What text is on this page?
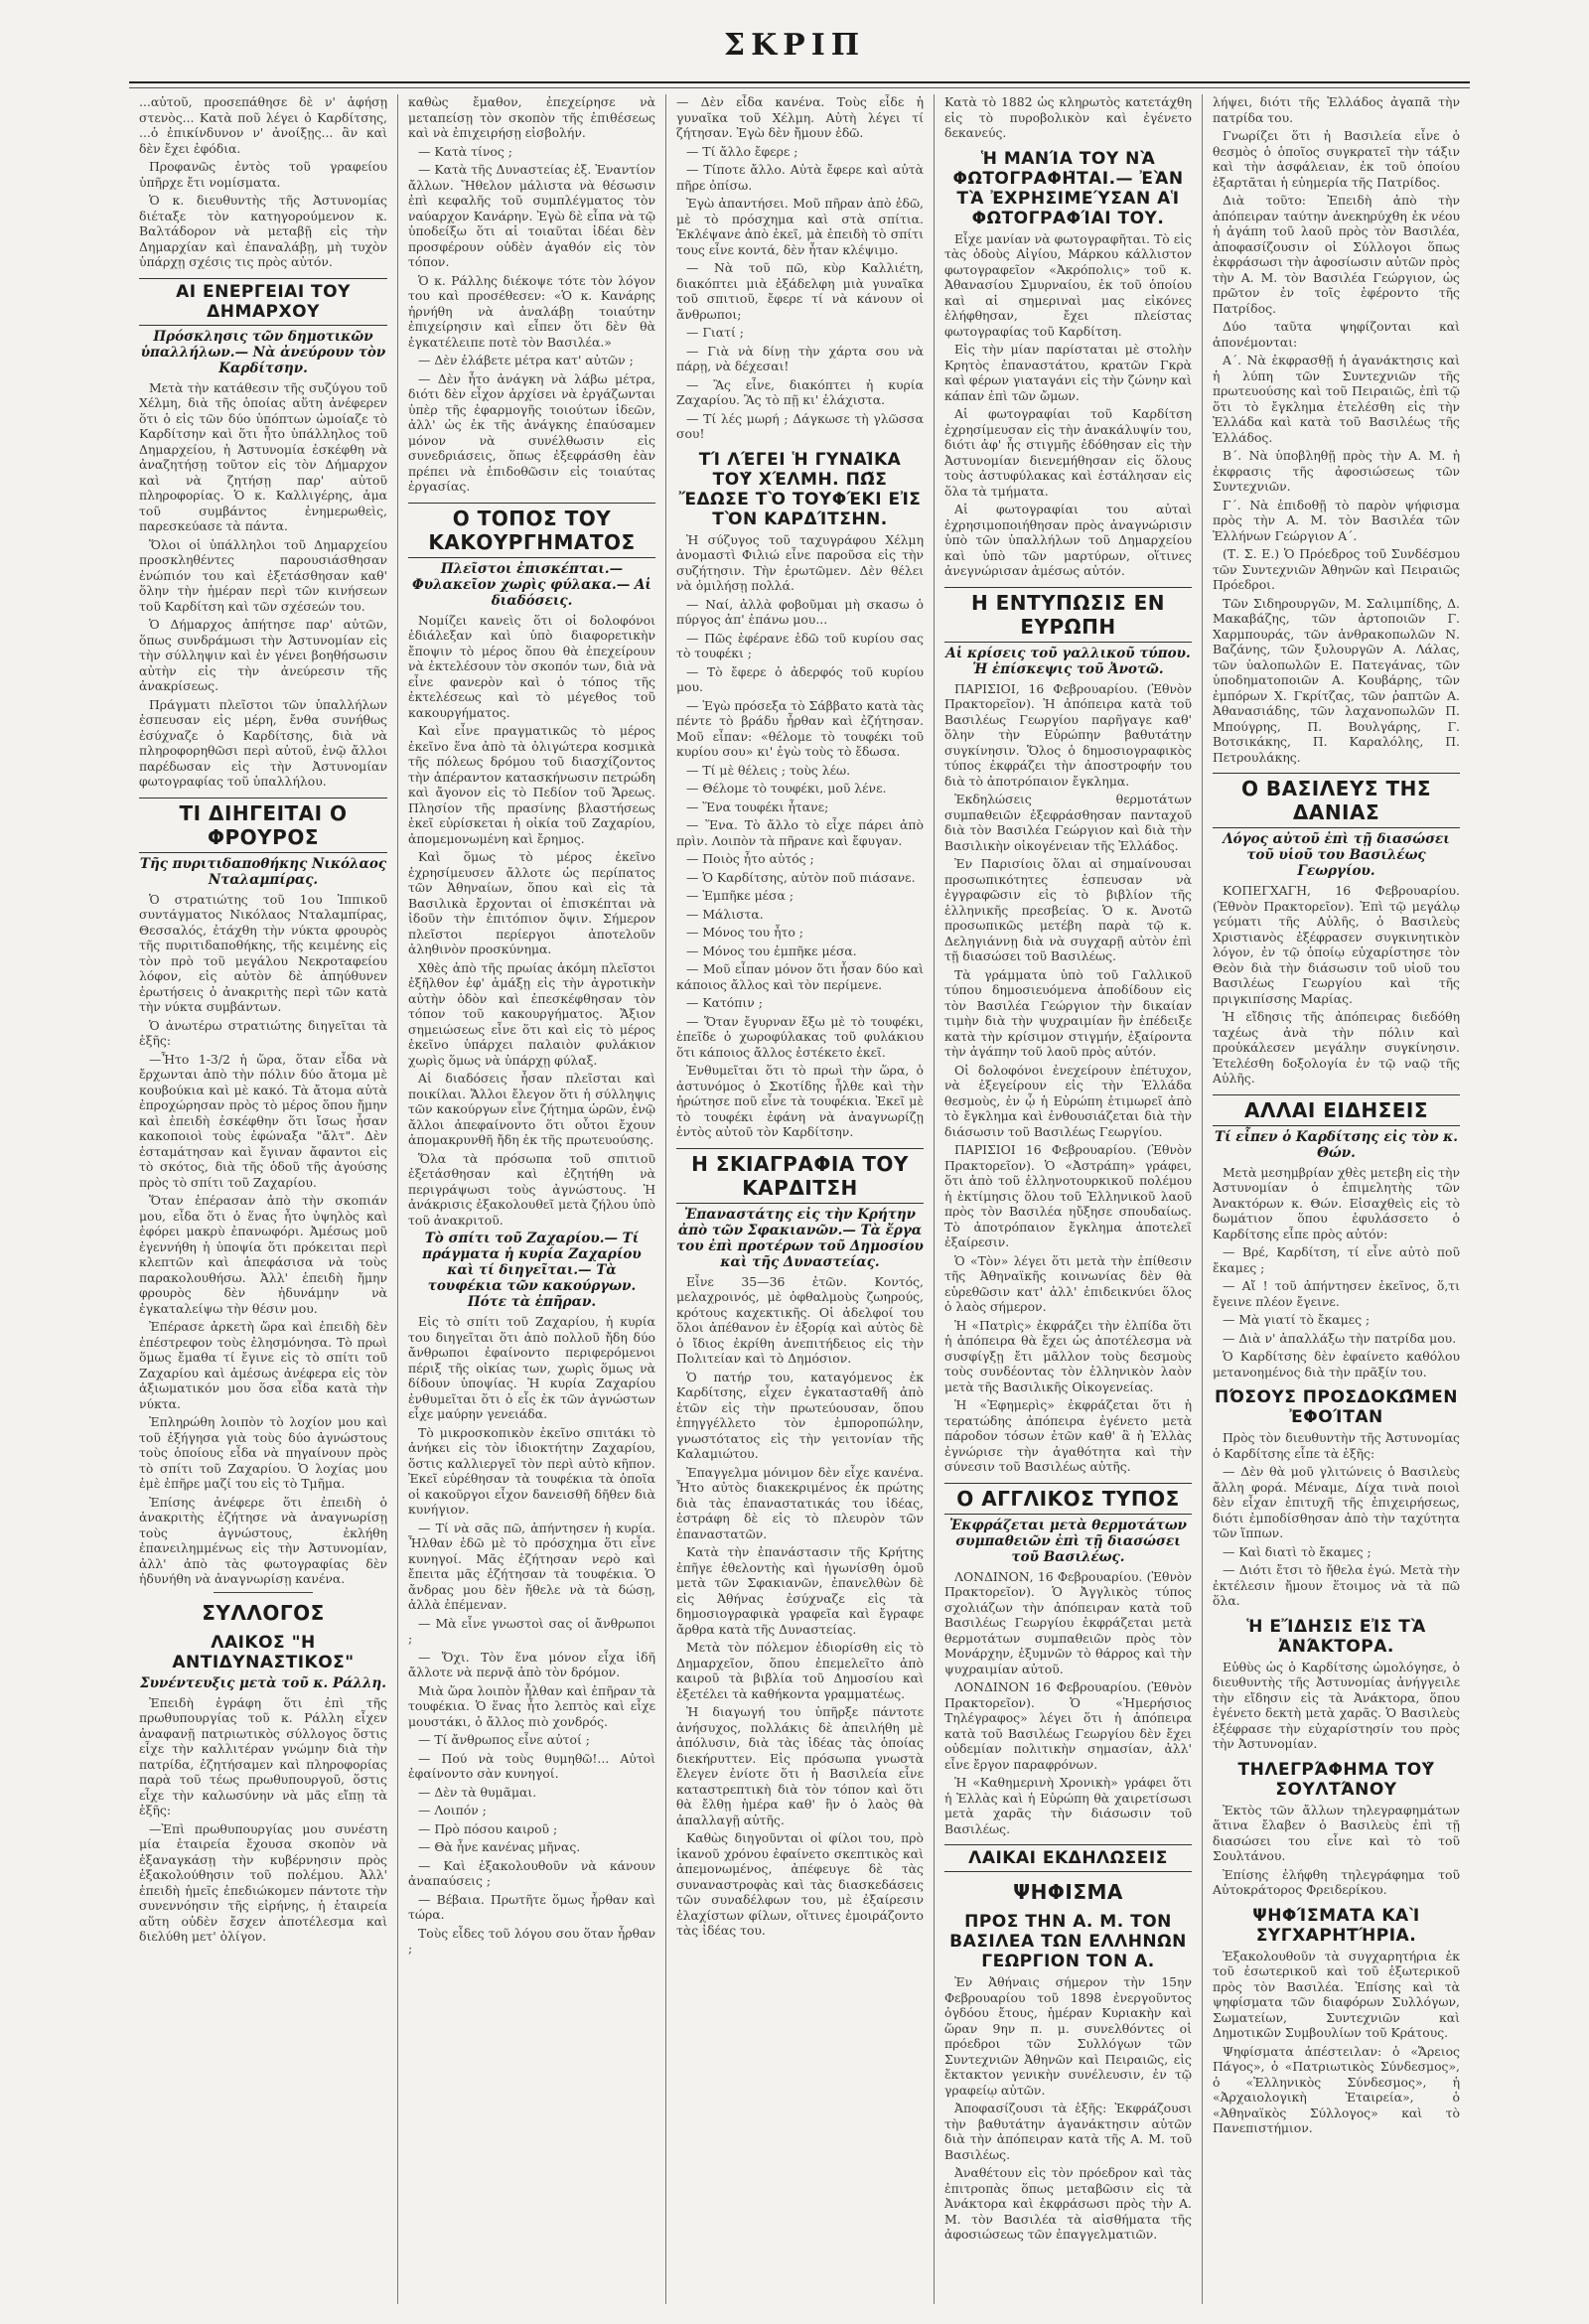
ΣΚΡΙΠ

...αὐτοῦ, προσεπάθησε δὲ ν' ἀφήσῃ στενὸς... Κατὰ ποῦ λέγει ὁ Καρδίτσης, ...ὁ ἐπικίνδυνον ν' ἀνοίξῃς... ἂν καὶ δὲν ἔχει ἐφόδια.

Προφανῶς ἐντὸς τοῦ γραφείου ὑπῆρχε ἔτι νομίσματα.

Ὁ κ. διευθυντὴς τῆς Ἀστυνομίας διέταξε τὸν κατηγορούμενον κ. Βαλτάδορον νὰ μεταβῇ εἰς τὴν Δημαρχίαν καὶ ἐπαναλάβῃ, μὴ τυχὸν ὑπάρχῃ σχέσις τις πρὸς αὐτόν.

ΑΙ ΕΝΕΡΓΕΙΑΙ ΤΟΥ ΔΗΜΑΡΧΟΥ
Πρόσκλησις τῶν δημοτικῶν ὑπαλλήλων.— Νὰ ἀνεύρουν τὸν Καρδίτσην.

Μετὰ τὴν κατάθεσιν τῆς συζύγου τοῦ Χέλμη, διὰ τῆς ὁποίας αὕτη ἀνέφερεν ὅτι ὁ εἰς τῶν δύο ὑπόπτων ὡμοίαζε τὸ Καρδίτσην καὶ ὅτι ἦτο ὑπάλληλος τοῦ Δημαρχείου, ἡ Ἀστυνομία ἐσκέφθη νὰ ἀναζητήσῃ τοῦτον εἰς τὸν Δήμαρχον καὶ νὰ ζητήσῃ παρ' αὐτοῦ πληροφορίας. Ὁ κ. Καλλιγέρης, ἀμα τοῦ συμβάντος ἐνημερωθεὶς, παρεσκεύασε τὰ πάντα.

Ὅλοι οἱ ὑπάλληλοι τοῦ Δημαρχείου προσκληθέντες παρουσιάσθησαν ἐνώπιόν του καὶ ἐξετάσθησαν καθ' ὅλην τὴν ἡμέραν περὶ τῶν κινήσεων τοῦ Καρδίτση καὶ τῶν σχέσεών του.

Ὁ Δήμαρχος ἀπήτησε παρ' αὐτῶν, ὅπως συνδράμωσι τὴν Ἀστυνομίαν εἰς τὴν σύλληψιν καὶ ἐν γένει βοηθήσωσιν αὐτὴν εἰς τὴν ἀνεύρεσιν τῆς ἀνακρίσεως.

Πράγματι πλεῖστοι τῶν ὑπαλλήλων ἐσπευσαν εἰς μέρη, ἔνθα συνήθως ἐσύχναζε ὁ Καρδίτσης, διὰ νὰ πληροφορηθῶσι περὶ αὐτοῦ, ἐνῷ ἄλλοι παρέδωσαν εἰς τὴν Ἀστυνομίαν φωτογραφίας τοῦ ὑπαλλήλου.

ΤΙ ΔΙΗΓΕΙΤΑΙ Ο ΦΡΟΥΡΟΣ
Τῆς πυριτιδαποθήκης Νικόλαος Νταλαμπίρας.

Ὁ στρατιώτης τοῦ 1ου Ἱππικοῦ συντάγματος Νικόλαος Νταλαμπίρας, Θεσσαλός, ἐτάχθη τὴν νύκτα φρουρὸς τῆς πυριτιδαποθήκης, τῆς κειμένης εἰς τὸν πρὸ τοῦ μεγάλου Νεκροταφείου λόφον, εἰς αὐτὸν δὲ ἀπηύθυνεν ἐρωτήσεις ὁ ἀνακριτὴς περὶ τῶν κατὰ τὴν νύκτα συμβάντων.

Ὁ ἀνωτέρω στρατιώτης διηγεῖται τὰ ἑξῆς:

—Ἦτο 1-3/2 ἡ ὥρα, ὅταν εἶδα νὰ ἔρχωνται ἀπὸ τὴν πόλιν δύο ἄτομα μὲ κουβούκια καὶ μὲ κακό. Τὰ ἄτομα αὐτὰ ἐπροχώρησαν πρὸς τὸ μέρος ὅπου ἤμην καὶ ἐπειδὴ ἐσκέφθην ὅτι ἴσως ἦσαν κακοποιοὶ τοὺς ἐφώναξα "ἄλτ". Δὲν ἐσταμάτησαν καὶ ἔγιναν ἄφαντοι εἰς τὸ σκότος, διὰ τῆς ὁδοῦ τῆς ἀγούσης πρὸς τὸ σπίτι τοῦ Ζαχαρίου.

Ὅταν ἐπέρασαν ἀπὸ τὴν σκοπιάν μου, εἶδα ὅτι ὁ ἕνας ἦτο ὑψηλὸς καὶ ἐφόρει μακρὺ ἐπανωφόρι. Ἀμέσως μοῦ ἐγεννήθη ἡ ὑποψία ὅτι πρόκειται περὶ κλεπτῶν καὶ ἀπεφάσισα νὰ τοὺς παρακολουθήσω. Ἀλλ' ἐπειδὴ ἤμην φρουρὸς δὲν ἠδυνάμην νὰ ἐγκαταλείψω τὴν θέσιν μου.

Ἐπέρασε ἀρκετὴ ὥρα καὶ ἐπειδὴ δὲν ἐπέστρεφον τοὺς ἐλησμόνησα. Τὸ πρωὶ ὅμως ἔμαθα τί ἔγινε εἰς τὸ σπίτι τοῦ Ζαχαρίου καὶ ἀμέσως ἀνέφερα εἰς τὸν ἀξιωματικόν μου ὅσα εἶδα κατὰ τὴν νύκτα.

Ἐπληρώθη λοιπὸν τὸ λοχίον μου καὶ τοῦ ἐξήγησα γιὰ τοὺς δύο ἀγνώστους τοὺς ὁποίους εἶδα νὰ πηγαίνουν πρὸς τὸ σπίτι τοῦ Ζαχαρίου. Ὁ λοχίας μου ἐμὲ ἐπῆρε μαζί του εἰς τὸ Τμῆμα.

Ἐπίσης ἀνέφερε ὅτι ἐπειδὴ ὁ ἀνακριτὴς ἐζήτησε νὰ ἀναγνωρίσῃ τοὺς ἀγνώστους, ἐκλήθη ἐπανειλημμένως εἰς τὴν Ἀστυνομίαν, ἀλλ' ἀπὸ τὰς φωτογραφίας δὲν ἠδυνήθη νὰ ἀναγνωρίσῃ κανένα.

ΣΥΛΛΟΓΟΣ
ΛΑΙΚΟΣ "Η ΑΝΤΙΔΥΝΑΣΤΙΚΟΣ"
Συνέντευξις μετὰ τοῦ κ. Ράλλη.

Ἐπειδὴ ἐγράφη ὅτι ἐπὶ τῆς πρωθυπουργίας τοῦ κ. Ράλλη εἶχεν ἀναφανῇ πατριωτικὸς σύλλογος ὅστις εἶχε τὴν καλλιτέραν γνώμην διὰ τὴν πατρίδα, ἐζητήσαμεν καὶ πληροφορίας παρὰ τοῦ τέως πρωθυπουργοῦ, ὅστις εἶχε τὴν καλωσύνην νὰ μᾶς εἴπῃ τὰ ἑξῆς:

—Ἐπὶ πρωθυπουργίας μου συνέστη μία ἑταιρεία ἔχουσα σκοπὸν νὰ ἐξαναγκάσῃ τὴν κυβέρνησιν πρὸς ἐξακολούθησιν τοῦ πολέμου. Ἀλλ' ἐπειδὴ ἡμεῖς ἐπεδιώκομεν πάντοτε τὴν συνεννόησιν τῆς εἰρήνης, ἡ ἑταιρεία αὕτη οὐδὲν ἔσχεν ἀποτέλεσμα καὶ διελύθη μετ' ὀλίγον.

καθὼς ἔμαθον, ἐπεχείρησε νὰ μεταπείσῃ τὸν σκοπὸν τῆς ἐπιθέσεως καὶ νὰ ἐπιχειρήσῃ εἰσβολήν.

— Κατὰ τίνος ;

— Κατὰ τῆς Δυναστείας ἐξ. Ἐναντίον ἄλλων. Ἤθελον μάλιστα νὰ θέσωσιν ἐπὶ κεφαλῆς τοῦ συμπλέγματος τὸν ναύαρχον Κανάρην. Ἐγὼ δὲ εἶπα νὰ τῷ ὑποδείξω ὅτι αἱ τοιαῦται ἰδέαι δὲν προσφέρουν οὐδὲν ἀγαθόν εἰς τὸν τόπον.

Ὁ κ. Ράλλης διέκοψε τότε τὸν λόγον του καὶ προσέθεσεν: «Ὁ κ. Κανάρης ἠρνήθη νὰ ἀναλάβῃ τοιαύτην ἐπιχείρησιν καὶ εἶπεν ὅτι δὲν θὰ ἐγκατέλειπε ποτὲ τὸν Βασιλέα.»

— Δὲν ἐλάβετε μέτρα κατ' αὐτῶν ;

— Δὲν ἦτο ἀνάγκη νὰ λάβω μέτρα, διότι δὲν εἶχον ἀρχίσει νὰ ἐργάζωνται ὑπὲρ τῆς ἐφαρμογῆς τοιούτων ἰδεῶν, ἀλλ' ὡς ἐκ τῆς ἀνάγκης ἐπαύσαμεν μόνον νὰ συνέλθωσιν εἰς συνεδριάσεις, ὅπως ἐξεφράσθη ἐὰν πρέπει νὰ ἐπιδοθῶσιν εἰς τοιαύτας ἐργασίας.

Ο ΤΟΠΟΣ ΤΟΥ ΚΑΚΟΥΡΓΗΜΑΤΟΣ
Πλεῖστοι ἐπισκέπται.— Φυλακεῖον χωρὶς φύλακα.— Αἱ διαδόσεις.

Νομίζει κανεὶς ὅτι οἱ δολοφόνοι ἐδιάλεξαν καὶ ὑπὸ διαφορετικὴν ἔποψιν τὸ μέρος ὅπου θὰ ἐπεχείρουν νὰ ἐκτελέσουν τὸν σκοπόν των, διὰ νὰ εἶνε φανερὸν καὶ ὁ τόπος τῆς ἐκτελέσεως καὶ τὸ μέγεθος τοῦ κακουργήματος.

Καὶ εἶνε πραγματικῶς τὸ μέρος ἐκεῖνο ἕνα ἀπὸ τὰ ὀλιγώτερα κοσμικὰ τῆς πόλεως δρόμου τοῦ διασχίζοντος τὴν ἀπέραντον κατασκήνωσιν πετρώδη καὶ ἄγονον εἰς τὸ Πεδίον τοῦ Ἄρεως. Πλησίον τῆς πρασίνης βλαστήσεως ἐκεῖ εὑρίσκεται ἡ οἰκία τοῦ Ζαχαρίου, ἀπομεμονωμένη καὶ ἔρημος.

Καὶ ὅμως τὸ μέρος ἐκεῖνο ἐχρησίμευσεν ἄλλοτε ὡς περίπατος τῶν Ἀθηναίων, ὅπου καὶ εἰς τὰ Βασιλικὰ ἔρχονται οἱ ἐπισκέπται νὰ ἰδοῦν τὴν ἐπιτόπιον ὄψιν. Σήμερον πλεῖστοι περίεργοι ἀποτελοῦν ἀληθινὸν προσκύνημα.

Χθὲς ἀπὸ τῆς πρωίας ἀκόμη πλεῖστοι ἐξῆλθον ἐφ' ἁμάξῃ εἰς τὴν ἀγροτικὴν αὐτὴν ὁδὸν καὶ ἐπεσκέφθησαν τὸν τόπον τοῦ κακουργήματος. Ἄξιον σημειώσεως εἶνε ὅτι καὶ εἰς τὸ μέρος ἐκεῖνο ὑπάρχει παλαιὸν φυλάκιον χωρὶς ὅμως νὰ ὑπάρχῃ φύλαξ.

Αἱ διαδόσεις ἦσαν πλεῖσται καὶ ποικίλαι. Ἄλλοι ἔλεγον ὅτι ἡ σύλληψις τῶν κακούργων εἶνε ζήτημα ὡρῶν, ἐνῷ ἄλλοι ἀπεφαίνοντο ὅτι οὗτοι ἔχουν ἀπομακρυνθῆ ἤδη ἐκ τῆς πρωτευούσης.

Ὅλα τὰ πρόσωπα τοῦ σπιτιοῦ ἐξετάσθησαν καὶ ἐζητήθη νὰ περιγράψωσι τοὺς ἀγνώστους. Ἡ ἀνάκρισις ἐξακολουθεῖ μετὰ ζήλου ὑπὸ τοῦ ἀνακριτοῦ.

Τὸ σπίτι τοῦ Ζαχαρίου.— Τί πράγματα ἡ κυρία Ζαχαρίου καὶ τί διηγεῖται.— Τὰ τουφέκια τῶν κακούργων. Πότε τὰ ἐπῆραν.

Εἰς τὸ σπίτι τοῦ Ζαχαρίου, ἡ κυρία του διηγεῖται ὅτι ἀπὸ πολλοῦ ἤδη δύο ἄνθρωποι ἐφαίνοντο περιφερόμενοι πέριξ τῆς οἰκίας των, χωρὶς ὅμως νὰ δίδουν ὑποψίας. Ἡ κυρία Ζαχαρίου ἐνθυμεῖται ὅτι ὁ εἷς ἐκ τῶν ἀγνώστων εἶχε μαύρην γενειάδα.

Τὸ μικροσκοπικὸν ἐκεῖνο σπιτάκι τὸ ἀνήκει εἰς τὸν ἰδιοκτήτην Ζαχαρίου, ὅστις καλλιεργεῖ τὸν περὶ αὐτὸ κῆπον. Ἐκεῖ εὑρέθησαν τὰ τουφέκια τὰ ὁποῖα οἱ κακοῦργοι εἶχον δανεισθῆ δῆθεν διὰ κυνήγιον.

— Τί νὰ σᾶς πῶ, ἀπήντησεν ἡ κυρία. Ἦλθαν ἐδῶ μὲ τὸ πρόσχημα ὅτι εἶνε κυνηγοί. Μᾶς ἐζήτησαν νερὸ καὶ ἔπειτα μᾶς ἐζήτησαν τὰ τουφέκια. Ὁ ἄνδρας μου δὲν ἤθελε νὰ τὰ δώσῃ, ἀλλὰ ἐπέμεναν.

— Μὰ εἶνε γνωστοὶ σας οἱ ἄνθρωποι ;

— Ὄχι. Τὸν ἕνα μόνον εἶχα ἰδῆ ἄλλοτε νὰ περνᾷ ἀπὸ τὸν δρόμον.

Μιὰ ὥρα λοιπὸν ἦλθαν καὶ ἐπῆραν τὰ τουφέκια. Ὁ ἕνας ἦτο λεπτὸς καὶ εἶχε μουστάκι, ὁ ἄλλος πιὸ χονδρός.

— Τί ἄνθρωπος εἶνε αὐτοί ;

— Πού νὰ τοὺς θυμηθῶ!... Αὐτοὶ ἐφαίνοντο σὰν κυνηγοί.

— Δὲν τὰ θυμᾶμαι.

— Λοιπόν ;

— Πρὸ πόσου καιροῦ ;

— Θὰ ἦνε κανένας μῆνας.

— Καὶ ἐξακολουθοῦν νὰ κάνουν ἀναπαύσεις ;

— Βέβαια. Πρωτῆτε ὅμως ἦρθαν καὶ τώρα.

Τοὺς εἶδες τοῦ λόγου σου ὅταν ἦρθαν ;

— Δὲν εἶδα κανένα. Τοὺς εἶδε ἡ γυναῖκα τοῦ Χέλμη. Αὐτὴ λέγει τί ζήτησαν. Ἐγὼ δὲν ἤμουν ἐδῶ.

— Τί ἄλλο ἔφερε ;

— Τίποτε ἄλλο. Αὐτὰ ἔφερε καὶ αὐτὰ πῆρε ὀπίσω.

Ἐγὼ ἀπαντήσει. Μοῦ πῆραν ἀπὸ ἐδῶ, μὲ τὸ πρόσχημα καὶ στὰ σπίτια. Ἐκλέψανε ἀπὸ ἐκεῖ, μὰ ἐπειδὴ τὸ σπίτι τους εἶνε κοντά, δὲν ἦταν κλέψιμο.

— Νὰ τοῦ πῶ, κὺρ Καλλιέτη, διακόπτει μιὰ ἐξάδελφη μιὰ γυναῖκα τοῦ σπιτιοῦ, ἔφερε τί νὰ κάνουν οἱ ἄνθρωποι;

— Γιατί ;

— Γιὰ νὰ δίνῃ τὴν χάρτα σου νὰ πάρῃ, νὰ δέχεσαι!

— Ἂς εἶνε, διακόπτει ἡ κυρία Ζαχαρίου. Ἂς τὸ πῇ κι' ἐλάχιστα.

— Τί λές μωρή ; Δάγκωσε τὴ γλῶσσα σου!

ΤΊ ΛΈΓΕΙ Ἡ ΓΥΝΑΙ͂ΚΑ ΤΟΥ͂ ΧΈΛΜΗ. ΠΩ͂Σ ἜΔΩΣΕ ΤῸ ΤΟΥΦΈΚΙ ΕἸΣ ΤῸΝ ΚΑΡΔΊΤΣΗΝ.

Ἡ σύζυγος τοῦ ταχυγράφου Χέλμη ἀνομαστὶ Φιλιώ εἶνε παροῦσα εἰς τὴν συζήτησιν. Τὴν ἐρωτῶμεν. Δὲν θέλει νὰ ὁμιλήσῃ πολλά.

— Ναί, ἀλλὰ φοβοῦμαι μὴ σκασω ὁ πύργος ἀπ' ἐπάνω μου...

— Πῶς ἐφέρανε ἐδῶ τοῦ κυρίου σας τὸ τουφέκι ;

— Τὸ ἔφερε ὁ ἀδερφός τοῦ κυρίου μου.

— Ἐγὼ πρόσεξα τὸ Σάββατο κατὰ τὰς πέντε τὸ βράδυ ἦρθαν καὶ ἐζήτησαν. Μοῦ εἶπαν: «θέλομε τὸ τουφέκι τοῦ κυρίου σου» κι' ἐγὼ τοὺς τὸ ἔδωσα.

— Τί μὲ θέλεις ; τοὺς λέω.

— Θέλομε τὸ τουφέκι, μοῦ λένε.

— Ἕνα τουφέκι ἦτανε;

— Ἕνα. Τὸ ἄλλο τὸ εἶχε πάρει ἀπὸ πρὶν. Λοιπὸν τὰ πῆρανε καὶ ἔφυγαν.

— Ποιὸς ἦτο αὐτός ;

— Ὁ Καρδίτσης, αὐτὸν ποῦ πιάσανε.

— Ἐμπῆκε μέσα ;

— Μάλιστα.

— Μόνος του ἦτο ;

— Μόνος του ἐμπῆκε μέσα.

— Μοῦ εἶπαν μόνον ὅτι ἦσαν δύο καὶ κάποιος ἄλλος καὶ τὸν περίμενε.

— Κατόπιν ;

— Ὅταν ἔγυρναν ἔξω μὲ τὸ τουφέκι, ἐπεῖδε ὁ χωροφύλακας τοῦ φυλάκιου ὅτι κάποιος ἄλλος ἐστέκετο ἐκεῖ.

Ἐνθυμεῖται ὅτι τὸ πρωὶ τὴν ὥρα, ὁ ἀστυνόμος ὁ Σκοτίδης ἦλθε καὶ τὴν ἠρώτησε ποῦ εἶνε τὰ τουφέκια. Ἐκεῖ μὲ τὸ τουφέκι ἐφάνη νὰ ἀναγνωρίζῃ ἐντὸς αὐτοῦ τὸν Καρδίτσην.

Η ΣΚΙΑΓΡΑΦΙΑ ΤΟΥ ΚΑΡΔΙΤΣΗ
Ἐπαναστάτης εἰς τὴν Κρήτην ἀπὸ τῶν Σφακιανῶν.— Τὰ ἔργα του ἐπὶ προτέρων τοῦ Δημοσίου καὶ τῆς Δυναστείας.

Εἶνε 35—36 ἐτῶν. Κοντός, μελαχροινός, μὲ ὀφθαλμοὺς ζωηρούς, κρότους καχεκτικῆς. Οἱ ἀδελφοί του ὅλοι ἀπέθανον ἐν ἐξορίᾳ καὶ αὐτὸς δὲ ὁ ἴδιος ἐκρίθη ἀνεπιτήδειος εἰς τὴν Πολιτείαν καὶ τὸ Δημόσιον.

Ὁ πατήρ του, καταγόμενος ἐκ Καρδίτσης, εἶχεν ἐγκατασταθῆ ἀπὸ ἐτῶν εἰς τὴν πρωτεύουσαν, ὅπου ἐπηγγέλλετο τὸν ἐμποροπώλην, γνωστότατος εἰς τὴν γειτονίαν τῆς Καλαμιώτου.

Ἐπαγγελμα μόνιμον δὲν εἶχε κανένα. Ἦτο αὐτὸς διακεκριμένος ἐκ πρώτης διὰ τὰς ἐπαναστατικάς του ἰδέας, ἐστράφη δὲ εἰς τὸ πλευρὸν τῶν ἐπαναστατῶν.

Κατὰ τὴν ἐπανάστασιν τῆς Κρήτης ἐπῆγε ἐθελοντὴς καὶ ἠγωνίσθη ὁμοῦ μετὰ τῶν Σφακιανῶν, ἐπανελθὼν δὲ εἰς Ἀθήνας ἐσύχναζε εἰς τὰ δημοσιογραφικὰ γραφεῖα καὶ ἔγραφε ἄρθρα κατὰ τῆς Δυναστείας.

Μετὰ τὸν πόλεμον ἐδιορίσθη εἰς τὸ Δημαρχεῖον, ὅπου ἐπεμελεῖτο ἀπὸ καιροῦ τὰ βιβλία τοῦ Δημοσίου καὶ ἐξετέλει τὰ καθήκοντα γραμματέως.

Ἡ διαγωγή του ὑπῆρξε πάντοτε ἀνήσυχος, πολλάκις δὲ ἀπειλήθη μὲ ἀπόλυσιν, διὰ τὰς ἰδέας τὰς ὁποίας διεκήρυττεν. Εἰς πρόσωπα γνωστὰ ἔλεγεν ἐνίοτε ὅτι ἡ Βασιλεία εἶνε καταστρεπτικὴ διὰ τὸν τόπον καὶ ὅτι θὰ ἔλθῃ ἡμέρα καθ' ἣν ὁ λαὸς θὰ ἀπαλλαγῇ αὐτῆς.

Καθὼς διηγοῦνται οἱ φίλοι του, πρὸ ἱκανοῦ χρόνου ἐφαίνετο σκεπτικὸς καὶ ἀπεμονωμένος, ἀπέφευγε δὲ τὰς συναναστροφὰς καὶ τὰς διασκεδάσεις τῶν συναδέλφων του, μὲ ἐξαίρεσιν ἐλαχίστων φίλων, οἵτινες ἐμοιράζοντο τὰς ἰδέας του.

Κατὰ τὸ 1882 ὡς κληρωτὸς κατετάχθη εἰς τὸ πυροβολικὸν καὶ ἐγένετο δεκανεύς.

Ἡ ΜΑΝΊΑ ΤΟΥ ΝᾺ ΦΩΤΟΓΡΑΦΗ͂ΤΑΙ.— ἘᾺΝ ΤᾺ ἘΧΡΗΣΙΜΕΎΣΑΝ ΑἹ ΦΩΤΟΓΡΑΦΊΑΙ ΤΟΥ.

Εἶχε μανίαν νὰ φωτογραφῆται. Τὸ εἰς τὰς ὁδοὺς Αἰγίου, Μάρκου κάλλιστον φωτογραφεῖον «Ἀκρόπολις» τοῦ κ. Ἀθανασίου Σμυρναίου, ἐκ τοῦ ὁποίου καὶ αἱ σημεριναὶ μας εἰκόνες ἐλήφθησαν, ἔχει πλείστας φωτογραφίας τοῦ Καρδίτση.

Εἰς τὴν μίαν παρίσταται μὲ στολὴν Κρητὸς ἐπαναστάτου, κρατῶν Γκρὰ καὶ φέρων γιαταγάνι εἰς τὴν ζώνην καὶ κάπαν ἐπὶ τῶν ὤμων.

Αἱ φωτογραφίαι τοῦ Καρδίτση ἐχρησίμευσαν εἰς τὴν ἀνακάλυψίν του, διότι ἀφ' ἧς στιγμῆς ἐδόθησαν εἰς τὴν Ἀστυνομίαν διενεμήθησαν εἰς ὅλους τοὺς ἀστυφύλακας καὶ ἐστάλησαν εἰς ὅλα τὰ τμήματα.

Αἱ φωτογραφίαι του αὐταὶ ἐχρησιμοποιήθησαν πρὸς ἀναγνώρισιν ὑπὸ τῶν ὑπαλλήλων τοῦ Δημαρχείου καὶ ὑπὸ τῶν μαρτύρων, οἵτινες ἀνεγνώρισαν ἀμέσως αὐτόν.

Η ΕΝΤΥΠΩΣΙΣ ΕΝ ΕΥΡΩΠΗ
Αἱ κρίσεις τοῦ γαλλικοῦ τύπου. Ἡ ἐπίσκεψις τοῦ Ἀνοτῶ.

ΠΑΡΙΣΙΟΙ, 16 Φεβρουαρίου. (Ἐθνὸν Πρακτορεῖον). Ἡ ἀπόπειρα κατὰ τοῦ Βασιλέως Γεωργίου παρῆγαγε καθ' ὅλην τὴν Εὐρώπην βαθυτάτην συγκίνησιν. Ὅλος ὁ δημοσιογραφικὸς τύπος ἐκφράζει τὴν ἀποστροφήν του διὰ τὸ ἀποτρόπαιον ἔγκλημα.

Ἐκδηλώσεις θερμοτάτων συμπαθειῶν ἐξεφράσθησαν πανταχοῦ διὰ τὸν Βασιλέα Γεώργιον καὶ διὰ τὴν Βασιλικὴν οἰκογένειαν τῆς Ἑλλάδος.

Ἐν Παρισίοις ὅλαι αἱ σημαίνουσαι προσωπικότητες ἐσπευσαν νὰ ἐγγραφῶσιν εἰς τὸ βιβλίον τῆς ἑλληνικῆς πρεσβείας. Ὁ κ. Ἀνοτῶ προσωπικῶς μετέβη παρὰ τῷ κ. Δεληγιάννῃ διὰ νὰ συγχαρῇ αὐτὸν ἐπὶ τῇ διασώσει τοῦ Βασιλέως.

Τὰ γράμματα ὑπὸ τοῦ Γαλλικοῦ τύπου δημοσιευόμενα ἀποδίδουν εἰς τὸν Βασιλέα Γεώργιον τὴν δικαίαν τιμὴν διὰ τὴν ψυχραιμίαν ἣν ἐπέδειξε κατὰ τὴν κρίσιμον στιγμήν, ἐξαίροντα τὴν ἀγάπην τοῦ λαοῦ πρὸς αὐτόν.

Οἱ δολοφόνοι ἐνεχείρουν ἐπέτυχον, νὰ ἐξεγείρουν εἰς τὴν Ἑλλάδα θεσμοὺς, ἐν ᾧ ἡ Εὐρώπη ἐτιμωρεῖ ἀπὸ τὸ ἔγκλημα καὶ ἐνθουσιάζεται διὰ τὴν διάσωσιν τοῦ Βασιλέως Γεωργίου.

ΠΑΡΙΣΙΟΙ 16 Φεβρουαρίου. (Ἐθνὸν Πρακτορεῖον). Ὁ «Ἀστράπη» γράφει, ὅτι ἀπὸ τοῦ ἐλληνοτουρκικοῦ πολέμου ἡ ἐκτίμησις ὅλου τοῦ Ἑλληνικοῦ λαοῦ πρὸς τὸν Βασιλέα ηὔξησε σπουδαίως. Τὸ ἀποτρόπαιον ἔγκλημα ἀποτελεῖ ἐξαίρεσιν.

Ὁ «Τὸν» λέγει ὅτι μετὰ τὴν ἐπίθεσιν τῆς Ἀθηναϊκῆς κοινωνίας δὲν θὰ εὑρεθῶσιν κατ' ἀλλ' ἐπιδεικνύει ὅλος ὁ λαὸς σήμερον.

Ἡ «Πατρὶς» ἐκφράζει τὴν ἐλπίδα ὅτι ἡ ἀπόπειρα θὰ ἔχει ὡς ἀποτέλεσμα νὰ συσφίγξῃ ἔτι μᾶλλον τοὺς δεσμοὺς τοὺς συνδέοντας τὸν ἑλληνικὸν λαὸν μετὰ τῆς Βασιλικῆς Οἰκογενείας.

Ἡ «Ἐφημερὶς» ἐκφράζεται ὅτι ἡ τερατώδης ἀπόπειρα ἐγένετο μετὰ πάροδον τόσων ἐτῶν καθ' ἃ ἡ Ἑλλὰς ἐγνώρισε τὴν ἀγαθότητα καὶ τὴν σύνεσιν τοῦ Βασιλέως αὐτῆς.

Ο ΑΓΓΛΙΚΟΣ ΤΥΠΟΣ
Ἐκφράζεται μετὰ θερμοτάτων συμπαθειῶν ἐπὶ τῇ διασώσει τοῦ Βασιλέως.

ΛΟΝΔΙΝΟΝ, 16 Φεβρουαρίου. (Ἐθνὸν Πρακτορεῖον). Ὁ Ἀγγλικὸς τύπος σχολιάζων τὴν ἀπόπειραν κατὰ τοῦ Βασιλέως Γεωργίου ἐκφράζεται μετὰ θερμοτάτων συμπαθειῶν πρὸς τὸν Μονάρχην, ἐξυμνῶν τὸ θάρρος καὶ τὴν ψυχραιμίαν αὐτοῦ.

ΛΟΝΔΙΝΟΝ 16 Φεβρουαρίου. (Ἐθνὸν Πρακτορεῖον). Ὁ «Ἡμερήσιος Τηλέγραφος» λέγει ὅτι ἡ ἀπόπειρα κατὰ τοῦ Βασιλέως Γεωργίου δὲν ἔχει οὐδεμίαν πολιτικὴν σημασίαν, ἀλλ' εἶνε ἔργον παραφρόνων.

Ἡ «Καθημερινὴ Χρονικὴ» γράφει ὅτι ἡ Ἑλλὰς καὶ ἡ Εὐρώπη θὰ χαιρετίσωσι μετὰ χαρᾶς τὴν διάσωσιν τοῦ Βασιλέως.

ΛΑΙΚΑΙ ΕΚΔΗΛΩΣΕΙΣ
ΨΗΦΙΣΜΑ
ΠΡΟΣ ΤΗΝ Α. Μ. ΤΟΝ ΒΑΣΙΛΕΑ ΤΩΝ ΕΛΛΗΝΩΝ ΓΕΩΡΓΙΟΝ ΤΟΝ Α.

Ἐν Ἀθήναις σήμερον τὴν 15ην Φεβρουαρίου τοῦ 1898 ἐνεργοῦντος ὀγδόου ἔτους, ἡμέραν Κυριακὴν καὶ ὥραν 9ην π. μ. συνελθόντες οἱ πρόεδροι τῶν Συλλόγων τῶν Συντεχνιῶν Ἀθηνῶν καὶ Πειραιῶς, εἰς ἔκτακτον γενικὴν συνέλευσιν, ἐν τῷ γραφείῳ αὐτῶν.

Ἀποφασίζουσι τὰ ἑξῆς: Ἐκφράζουσι τὴν βαθυτάτην ἀγανάκτησιν αὐτῶν διὰ τὴν ἀπόπειραν κατὰ τῆς Α. Μ. τοῦ Βασιλέως.

Ἀναθέτουν εἰς τὸν πρόεδρον καὶ τὰς ἐπιτροπὰς ὅπως μεταβῶσιν εἰς τὰ Ἀνάκτορα καὶ ἐκφράσωσι πρὸς τὴν Α. Μ. τὸν Βασιλέα τὰ αἰσθήματα τῆς ἀφοσιώσεως τῶν ἐπαγγελματιῶν.

λήψει, διότι τῆς Ἑλλάδος ἀγαπᾶ τὴν πατρίδα του.

Γνωρίζει ὅτι ἡ Βασιλεία εἶνε ὁ θεσμὸς ὁ ὁποῖος συγκρατεῖ τὴν τάξιν καὶ τὴν ἀσφάλειαν, ἐκ τοῦ ὁποίου ἐξαρτᾶται ἡ εὐημερία τῆς Πατρίδος.

Διὰ τοῦτο: Ἐπειδὴ ἀπὸ τὴν ἀπόπειραν ταύτην ἀνεκηρύχθη ἐκ νέου ἡ ἀγάπη τοῦ λαοῦ πρὸς τὸν Βασιλέα, ἀποφασίζουσιν οἱ Σύλλογοι ὅπως ἐκφράσωσι τὴν ἀφοσίωσιν αὐτῶν πρὸς τὴν Α. Μ. τὸν Βασιλέα Γεώργιον, ὡς πρῶτον ἐν τοῖς ἐφέροντο τῆς Πατρίδος.

Δύο ταῦτα ψηφίζονται καὶ ἀπονέμονται:

Α΄. Νὰ ἐκφρασθῇ ἡ ἀγανάκτησις καὶ ἡ λύπη τῶν Συντεχνιῶν τῆς πρωτευούσης καὶ τοῦ Πειραιῶς, ἐπὶ τῷ ὅτι τὸ ἔγκλημα ἐτελέσθη εἰς τὴν Ἑλλάδα καὶ κατὰ τοῦ Βασιλέως τῆς Ἑλλάδος.

Β΄. Νὰ ὑποβληθῇ πρὸς τὴν Α. Μ. ἡ ἐκφρασις τῆς ἀφοσιώσεως τῶν Συντεχνιῶν.

Γ΄. Νὰ ἐπιδοθῇ τὸ παρὸν ψήφισμα πρὸς τὴν Α. Μ. τὸν Βασιλέα τῶν Ἑλλήνων Γεώργιον Α΄.

(Τ. Σ. Ε.) Ὁ Πρόεδρος τοῦ Συνδέσμου τῶν Συντεχνιῶν Ἀθηνῶν καὶ Πειραιῶς Πρόεδροι.

Τῶν Σιδηρουργῶν, Μ. Σαλιμπίδης, Δ. Μακαβάζης, τῶν ἀρτοποιῶν Γ. Χαρμπουράς, τῶν ἀνθρακοπωλῶν Ν. Βαζάνης, τῶν ξυλουργῶν Α. Λάλας, τῶν ὑαλοπωλῶν Ε. Πατεγάνας, τῶν ὑποδηματοποιῶν Α. Κουβάρης, τῶν ἐμπόρων Χ. Γκρίτζας, τῶν ῥαπτῶν Α. Ἀθανασιάδης, τῶν λαχανοπωλῶν Π. Μπούγρης, Π. Βουλγάρης, Γ. Βοτσικάκης, Π. Καραλόλης, Π. Πετρουλάκης.

Ο ΒΑΣΙΛΕΥΣ ΤΗΣ ΔΑΝΙΑΣ
Λόγος αὐτοῦ ἐπὶ τῇ διασώσει τοῦ υἱοῦ του Βασιλέως Γεωργίου.

ΚΟΠΕΓΧΑΓΗ, 16 Φεβρουαρίου. (Ἐθνὸν Πρακτορεῖον). Ἐπὶ τῷ μεγάλῳ γεύματι τῆς Αὐλῆς, ὁ Βασιλεὺς Χριστιανὸς ἐξέφρασεν συγκινητικὸν λόγον, ἐν τῷ ὁποίῳ εὐχαρίστησε τὸν Θεὸν διὰ τὴν διάσωσιν τοῦ υἱοῦ του Βασιλέως Γεωργίου καὶ τῆς πριγκιπίσσης Μαρίας.

Ἡ εἴδησις τῆς ἀπόπειρας διεδόθη ταχέως ἀνὰ τὴν πόλιν καὶ προὐκάλεσεν μεγάλην συγκίνησιν. Ἐτελέσθη δοξολογία ἐν τῷ ναῷ τῆς Αὐλῆς.

ΑΛΛΑΙ ΕΙΔΗΣΕΙΣ
Τί εἶπεν ὁ Καρδίτσης εἰς τὸν κ. Θών.

Μετὰ μεσημβρίαν χθὲς μετεβη εἰς τὴν Ἀστυνομίαν ὁ ἐπιμελητὴς τῶν Ἀνακτόρων κ. Θών. Εἰσαχθεὶς εἰς τὸ δωμάτιον ὅπου ἐφυλάσσετο ὁ Καρδίτσης εἶπε πρὸς αὐτόν:

— Βρέ, Καρδίτση, τί εἶνε αὐτὸ ποῦ ἔκαμες ;

— Αἴ ! τοῦ ἀπήντησεν ἐκεῖνος, ὅ,τι ἔγεινε πλέον ἔγεινε.

— Μὰ γιατί τὸ ἔκαμες ;

— Διὰ ν' ἀπαλλάξω τὴν πατρίδα μου.

Ὁ Καρδίτσης δὲν ἐφαίνετο καθόλου μετανοημένος διὰ τὴν πρᾶξίν του.

ΠΌΣΟΥΣ ΠΡΟΣΔΟΚΩ͂ΜΕΝ ἘΦΟΊΤΑΝ

Πρὸς τὸν διευθυντὴν τῆς Ἀστυνομίας ὁ Καρδίτσης εἶπε τὰ ἑξῆς:

— Δὲν θὰ μοῦ γλιτώνεις ὁ Βασιλεὺς ἄλλη φορά. Μέναμε, Δίχα τινὰ ποιοὶ δὲν εἶχαν ἐπιτυχῆ τῆς ἐπιχειρήσεως, διότι ἐμποδίσθησαν ἀπὸ τὴν ταχύτητα τῶν ἵππων.

— Καὶ διατὶ τὸ ἔκαμες ;

— Διότι ἔτσι τὸ ἤθελα ἐγώ. Μετὰ τὴν ἐκτέλεσιν ἤμουν ἕτοιμος νὰ τὰ πῶ ὅλα.

Ἡ ΕἼΔΗΣΙΣ ΕἸΣ ΤᾺ ἈΝΆΚΤΟΡΑ.

Εὐθὺς ὡς ὁ Καρδίτσης ὡμολόγησε, ὁ διευθυντὴς τῆς Ἀστυνομίας ἀνήγγειλε τὴν εἴδησιν εἰς τὰ Ἀνάκτορα, ὅπου ἐγένετο δεκτὴ μετὰ χαρᾶς. Ὁ Βασιλεὺς ἐξέφρασε τὴν εὐχαρίστησίν του πρὸς τὴν Ἀστυνομίαν.

ΤΗΛΕΓΡΆΦΗΜΑ ΤΟΥ͂ ΣΟΥΛΤΆΝΟΥ

Ἐκτὸς τῶν ἄλλων τηλεγραφημάτων ἅτινα ἔλαβεν ὁ Βασιλεὺς ἐπὶ τῇ διασώσει του εἶνε καὶ τὸ τοῦ Σουλτάνου.

Ἐπίσης ἐλήφθη τηλεγράφημα τοῦ Αὐτοκράτορος Φρειδερίκου.

ΨΗΦΊΣΜΑΤΑ ΚΑῚ ΣΥΓΧΑΡΗΤΉΡΙΑ.

Ἐξακολουθοῦν τὰ συγχαρητήρια ἐκ τοῦ ἐσωτερικοῦ καὶ τοῦ ἐξωτερικοῦ πρὸς τὸν Βασιλέα. Ἐπίσης καὶ τὰ ψηφίσματα τῶν διαφόρων Συλλόγων, Σωματείων, Συντεχνιῶν καὶ Δημοτικῶν Συμβουλίων τοῦ Κράτους.

Ψηφίσματα ἀπέστειλαν: ὁ «Ἄρειος Πάγος», ὁ «Πατριωτικὸς Σύνδεσμος», ὁ «Ἑλληνικὸς Σύνδεσμος», ἡ «Ἀρχαιολογικὴ Ἑταιρεία», ὁ «Ἀθηναϊκὸς Σύλλογος» καὶ τὸ Πανεπιστήμιον.
